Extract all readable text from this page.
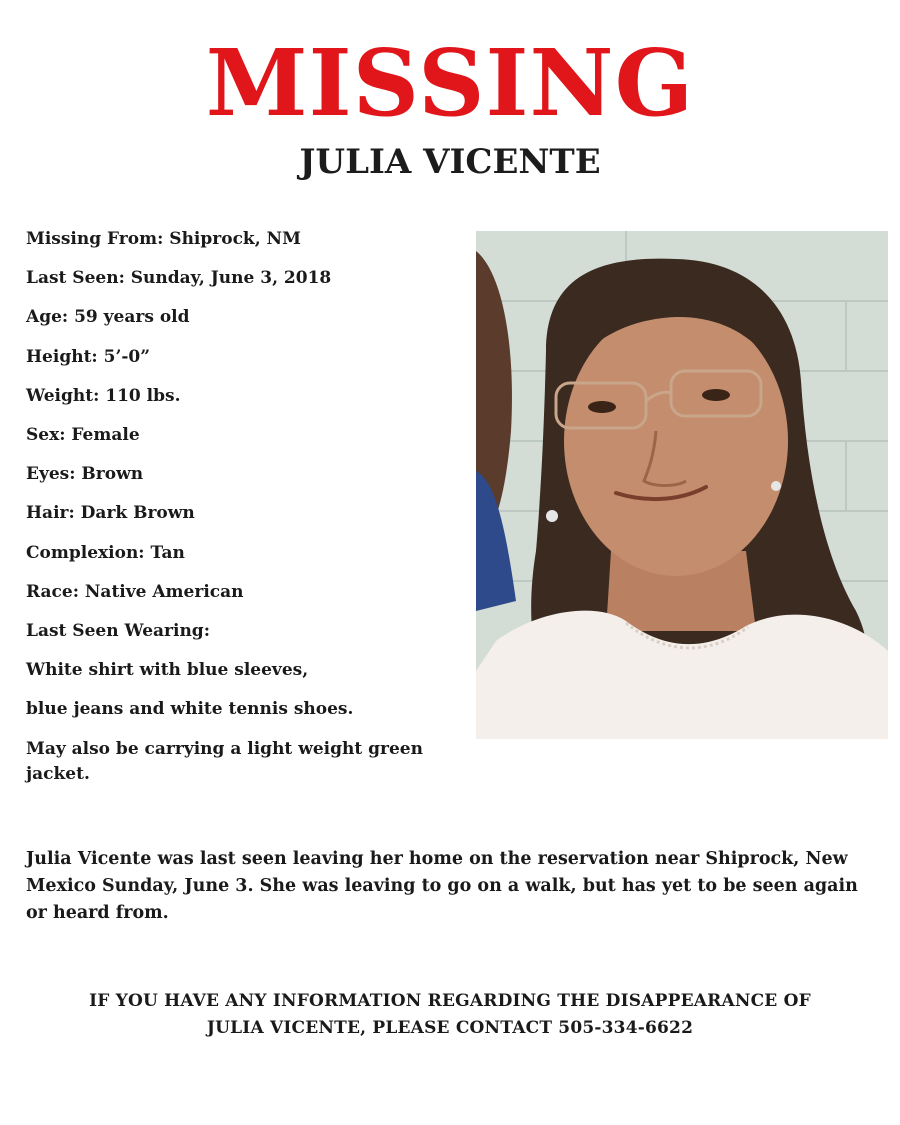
MISSING
JULIA VICENTE
Missing From: Shiprock, NM
Last Seen: Sunday, June 3, 2018
Age: 59 years old
Height: 5’-0”
Weight: 110 lbs.
Sex: Female
Eyes: Brown
Hair: Dark Brown
Complexion: Tan
Race: Native American
Last Seen Wearing:
White shirt with blue sleeves,
blue jeans and white tennis shoes.
May also be carrying a light weight green jacket.

Julia Vicente was last seen leaving her home on the reservation near Shiprock, New Mexico Sunday, June 3. She was leaving to go on a walk, but has yet to be seen again or heard from.

IF YOU HAVE ANY INFORMATION REGARDING THE DISAPPEARANCE OF
JULIA VICENTE, PLEASE CONTACT 505-334-6622
